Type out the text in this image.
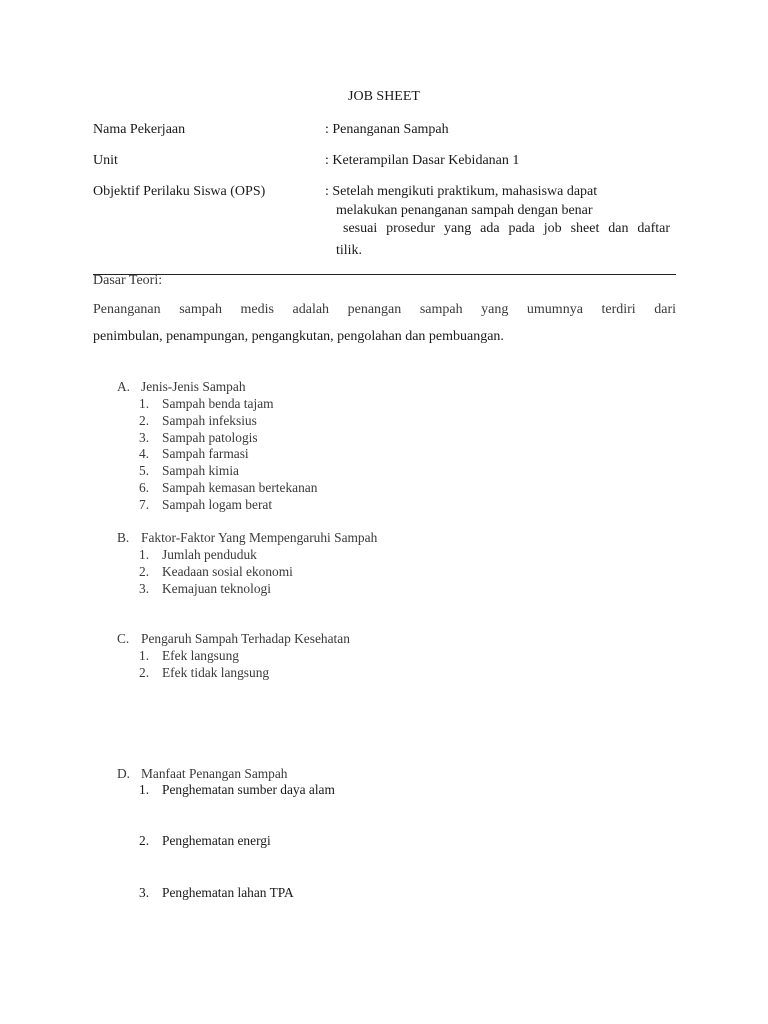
JOB SHEET
Nama Pekerjaan	: Penanganan Sampah
Unit	: Keterampilan Dasar Kebidanan 1
Objektif Perilaku Siswa (OPS)	: Setelah mengikuti praktikum, mahasiswa dapat
melakukan penanganan sampah dengan benar
sesuai prosedur yang ada pada job sheet dan daftar
tilik.
Dasar Teori:
Penanganan sampah medis adalah penangan sampah yang umumnya terdiri dari
penimbulan, penampungan, pengangkutan, pengolahan dan pembuangan.
A. Jenis-Jenis Sampah
1. Sampah benda tajam
2. Sampah infeksius
3. Sampah patologis
4. Sampah farmasi
5. Sampah kimia
6. Sampah kemasan bertekanan
7. Sampah logam berat
B. Faktor-Faktor Yang Mempengaruhi Sampah
1. Jumlah penduduk
2. Keadaan sosial ekonomi
3. Kemajuan teknologi
C. Pengaruh Sampah Terhadap Kesehatan
1. Efek langsung
2. Efek tidak langsung
D. Manfaat Penangan Sampah
1. Penghematan sumber daya alam
2. Penghematan energi
3. Penghematan lahan TPA
